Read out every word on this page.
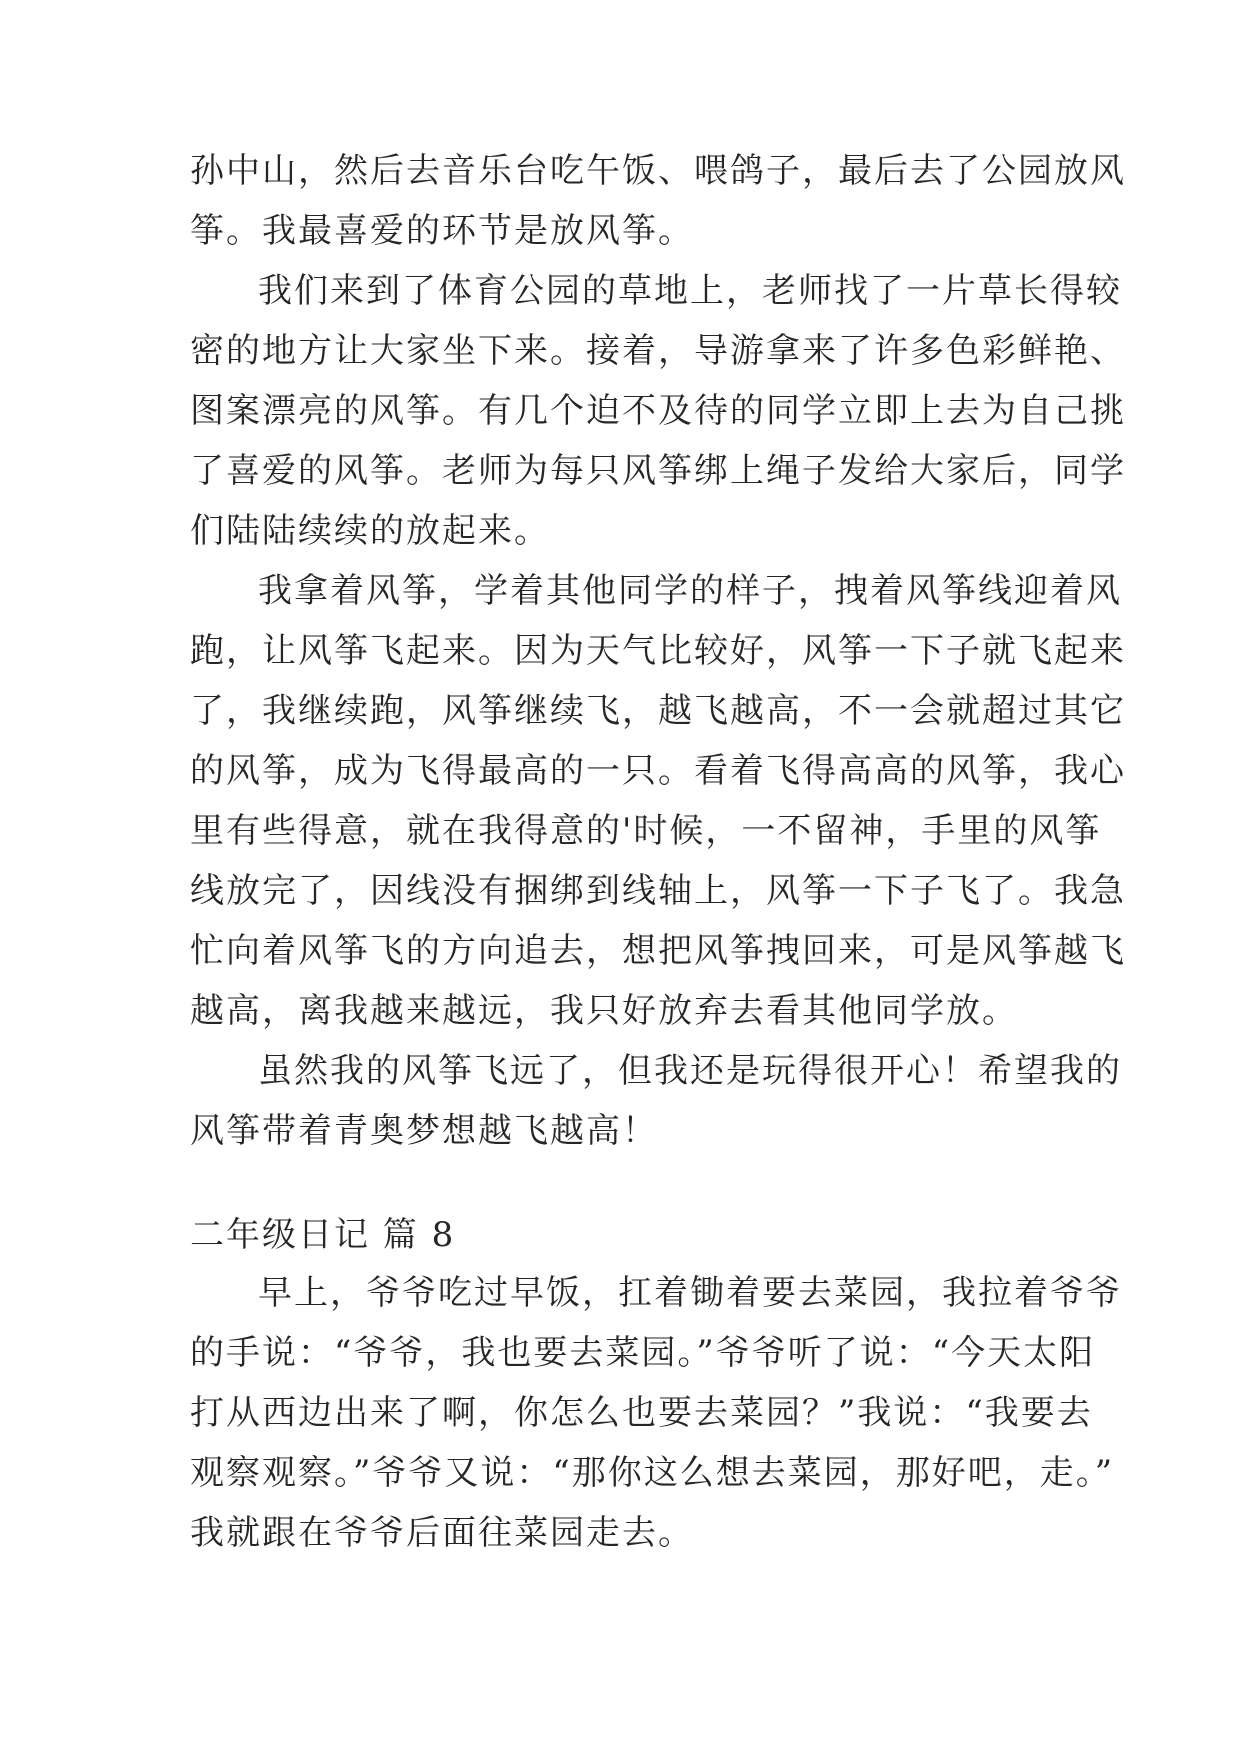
孙中山，然后去音乐台吃午饭、喂鸽子，最后去了公园放风
筝。我最喜爱的环节是放风筝。
我们来到了体育公园的草地上，老师找了一片草长得较
密的地方让大家坐下来。接着，导游拿来了许多色彩鲜艳、
图案漂亮的风筝。有几个迫不及待的同学立即上去为自己挑
了喜爱的风筝。老师为每只风筝绑上绳子发给大家后，同学
们陆陆续续的放起来。
我拿着风筝，学着其他同学的样子，拽着风筝线迎着风
跑，让风筝飞起来。因为天气比较好，风筝一下子就飞起来
了，我继续跑，风筝继续飞，越飞越高，不一会就超过其它
的风筝，成为飞得最高的一只。看着飞得高高的风筝，我心
里有些得意，就在我得意的'时候，一不留神，手里的风筝
线放完了，因线没有捆绑到线轴上，风筝一下子飞了。我急
忙向着风筝飞的方向追去，想把风筝拽回来，可是风筝越飞
越高，离我越来越远，我只好放弃去看其他同学放。
虽然我的风筝飞远了，但我还是玩得很开心！希望我的
风筝带着青奥梦想越飞越高！
二年级日记 篇 8
早上，爷爷吃过早饭，扛着锄着要去菜园，我拉着爷爷
的手说：“爷爷，我也要去菜园。”爷爷听了说：“今天太阳
打从西边出来了啊，你怎么也要去菜园？”我说：“我要去
观察观察。”爷爷又说：“那你这么想去菜园，那好吧，走。”
我就跟在爷爷后面往菜园走去。
